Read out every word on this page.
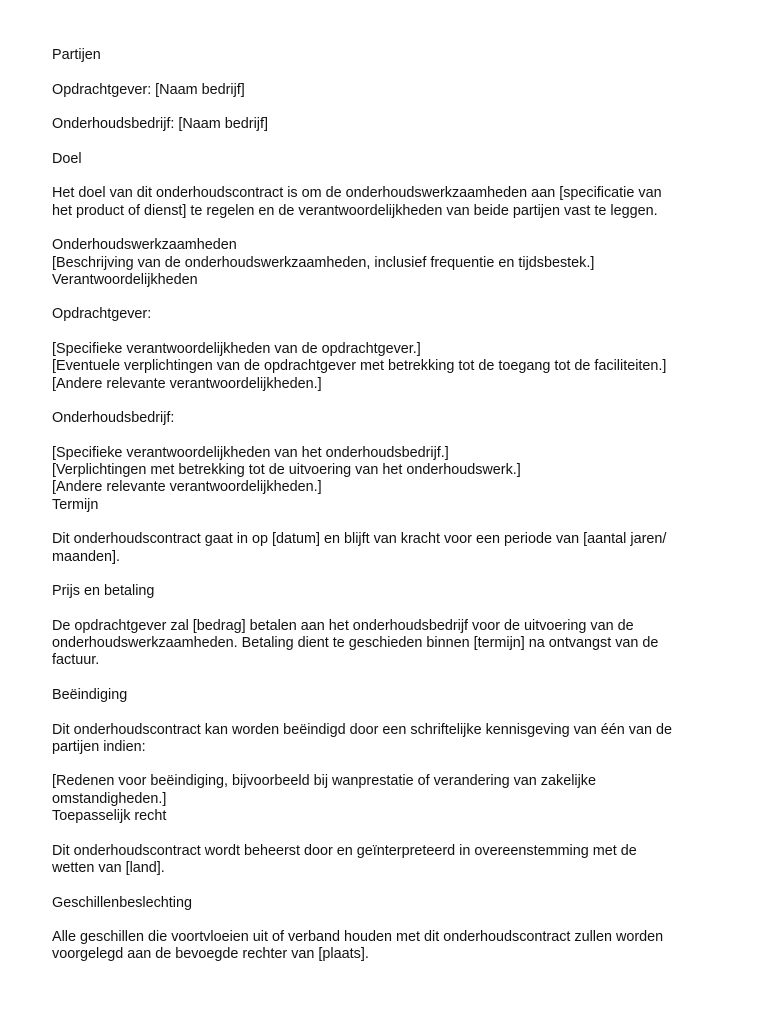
Partijen
Opdrachtgever: [Naam bedrijf]
Onderhoudsbedrijf: [Naam bedrijf]
Doel
Het doel van dit onderhoudscontract is om de onderhoudswerkzaamheden aan [specificatie van
het product of dienst] te regelen en de verantwoordelijkheden van beide partijen vast te leggen.
Onderhoudswerkzaamheden
[Beschrijving van de onderhoudswerkzaamheden, inclusief frequentie en tijdsbestek.]
Verantwoordelijkheden
Opdrachtgever:
[Specifieke verantwoordelijkheden van de opdrachtgever.]
[Eventuele verplichtingen van de opdrachtgever met betrekking tot de toegang tot de faciliteiten.]
[Andere relevante verantwoordelijkheden.]
Onderhoudsbedrijf:
[Specifieke verantwoordelijkheden van het onderhoudsbedrijf.]
[Verplichtingen met betrekking tot de uitvoering van het onderhoudswerk.]
[Andere relevante verantwoordelijkheden.]
Termijn
Dit onderhoudscontract gaat in op [datum] en blijft van kracht voor een periode van [aantal jaren/
maanden].
Prijs en betaling
De opdrachtgever zal [bedrag] betalen aan het onderhoudsbedrijf voor de uitvoering van de
onderhoudswerkzaamheden. Betaling dient te geschieden binnen [termijn] na ontvangst van de
factuur.
Beëindiging
Dit onderhoudscontract kan worden beëindigd door een schriftelijke kennisgeving van één van de
partijen indien:
[Redenen voor beëindiging, bijvoorbeeld bij wanprestatie of verandering van zakelijke
omstandigheden.]
Toepasselijk recht
Dit onderhoudscontract wordt beheerst door en geïnterpreteerd in overeenstemming met de
wetten van [land].
Geschillenbeslechting
Alle geschillen die voortvloeien uit of verband houden met dit onderhoudscontract zullen worden
voorgelegd aan de bevoegde rechter van [plaats].
